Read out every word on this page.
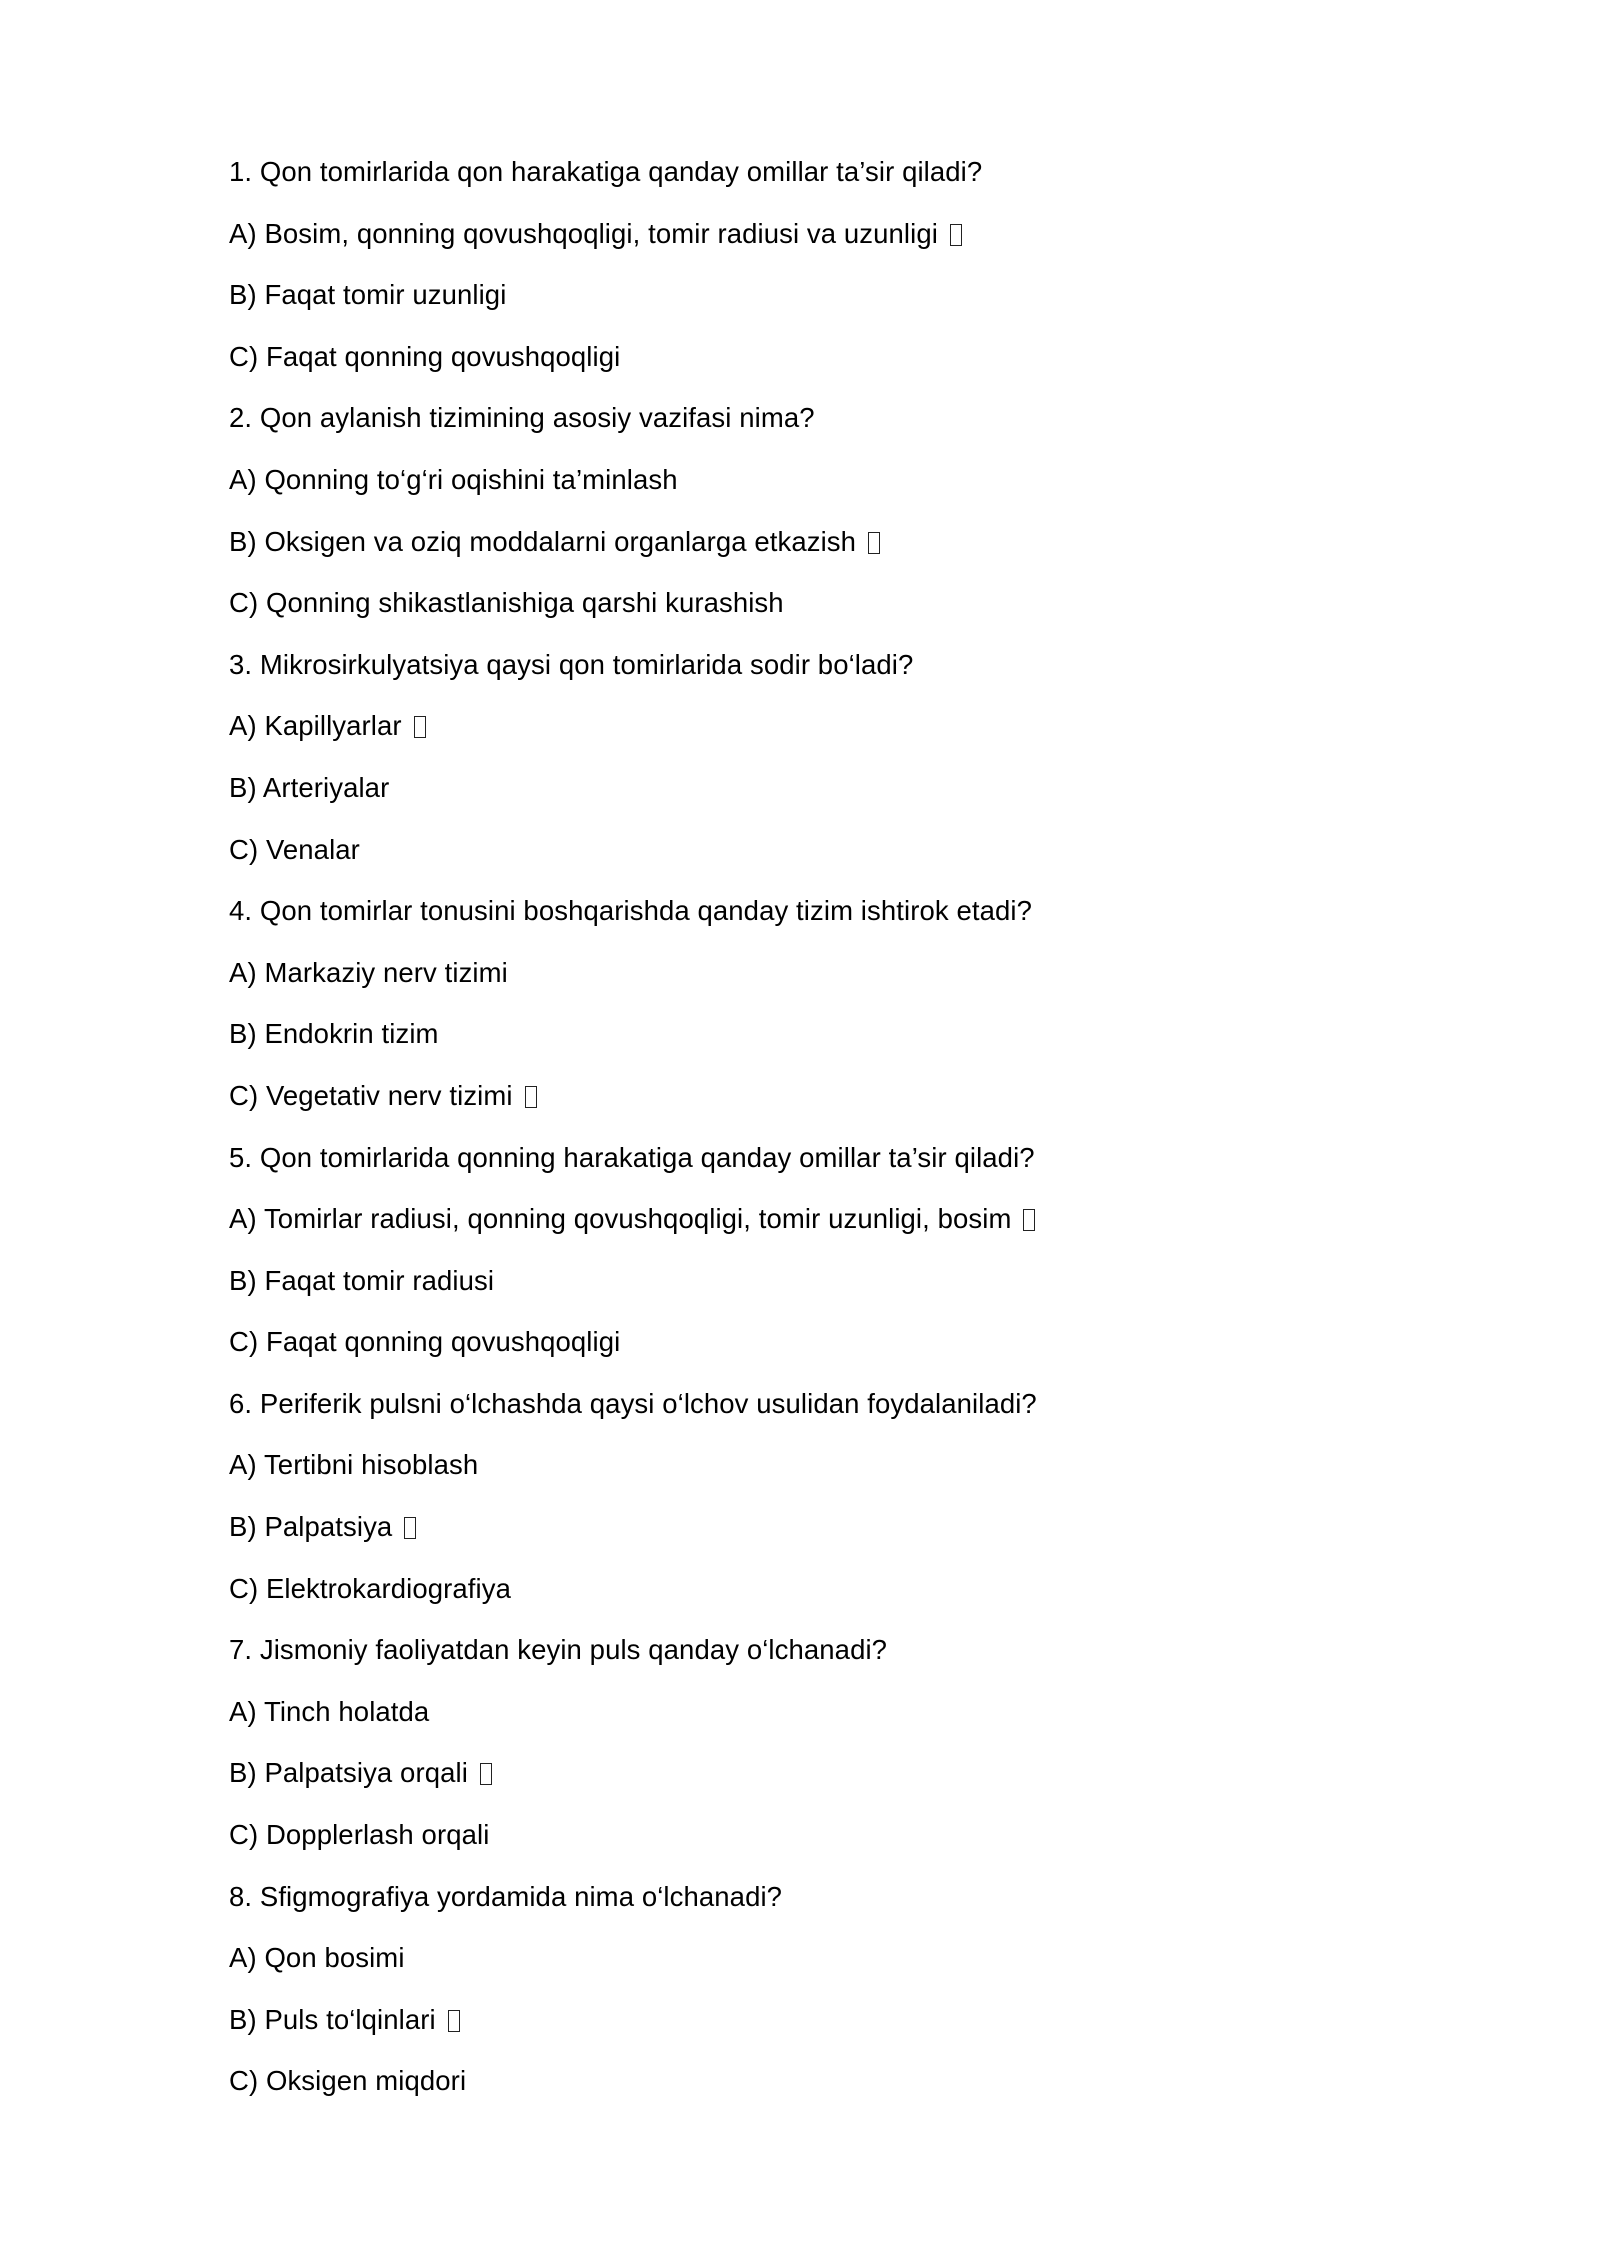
1. Qon tomirlarida qon harakatiga qanday omillar ta’sir qiladi?
A) Bosim, qonning qovushqoqligi, tomir radiusi va uzunligi
B) Faqat tomir uzunligi
C) Faqat qonning qovushqoqligi
2. Qon aylanish tizimining asosiy vazifasi nima?
A) Qonning to‘g‘ri oqishini ta’minlash
B) Oksigen va oziq moddalarni organlarga etkazish
C) Qonning shikastlanishiga qarshi kurashish
3. Mikrosirkulyatsiya qaysi qon tomirlarida sodir bo‘ladi?
A) Kapillyarlar
B) Arteriyalar
C) Venalar
4. Qon tomirlar tonusini boshqarishda qanday tizim ishtirok etadi?
A) Markaziy nerv tizimi
B) Endokrin tizim
C) Vegetativ nerv tizimi
5. Qon tomirlarida qonning harakatiga qanday omillar ta’sir qiladi?
A) Tomirlar radiusi, qonning qovushqoqligi, tomir uzunligi, bosim
B) Faqat tomir radiusi
C) Faqat qonning qovushqoqligi
6. Periferik pulsni o‘lchashda qaysi o‘lchov usulidan foydalaniladi?
A) Tertibni hisoblash
B) Palpatsiya
C) Elektrokardiografiya
7. Jismoniy faoliyatdan keyin puls qanday o‘lchanadi?
A) Tinch holatda
B) Palpatsiya orqali
C) Dopplerlash orqali
8. Sfigmografiya yordamida nima o‘lchanadi?
A) Qon bosimi
B) Puls to‘lqinlari
C) Oksigen miqdori
